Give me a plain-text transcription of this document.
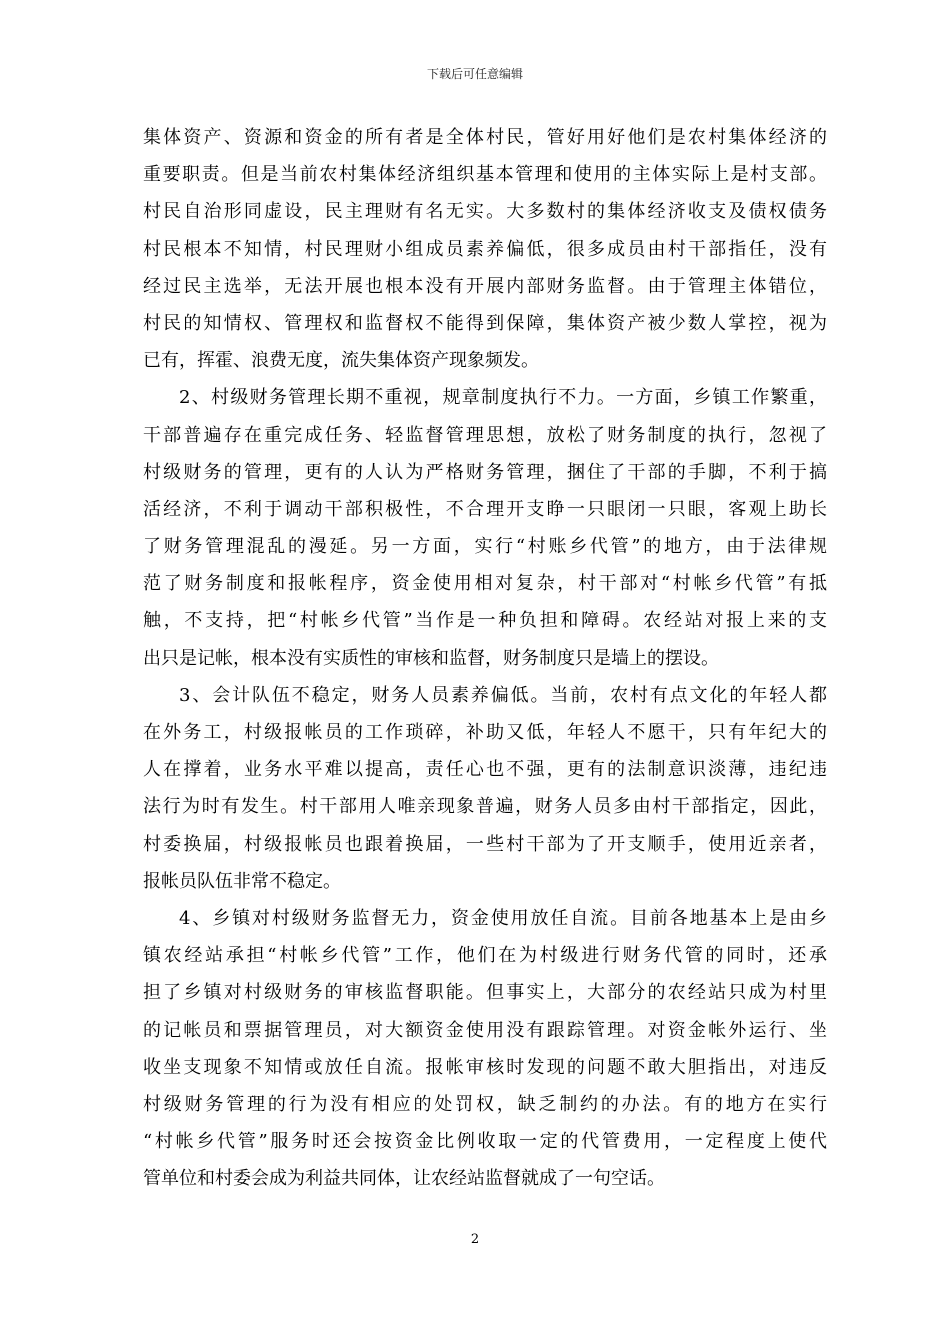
下载后可任意编辑
集体资产、资源和资金的所有者是全体村民，管好用好他们是农村集体经济的
重要职责。但是当前农村集体经济组织基本管理和使用的主体实际上是村支部。
村民自治形同虚设，民主理财有名无实。大多数村的集体经济收支及债权债务
村民根本不知情，村民理财小组成员素养偏低，很多成员由村干部指任，没有
经过民主选举，无法开展也根本没有开展内部财务监督。由于管理主体错位，
村民的知情权、管理权和监督权不能得到保障，集体资产被少数人掌控，视为
已有，挥霍、浪费无度，流失集体资产现象频发。
2、村级财务管理长期不重视，规章制度执行不力。一方面，乡镇工作繁重，
干部普遍存在重完成任务、轻监督管理思想，放松了财务制度的执行，忽视了
村级财务的管理，更有的人认为严格财务管理，捆住了干部的手脚，不利于搞
活经济，不利于调动干部积极性，不合理开支睁一只眼闭一只眼，客观上助长
了财务管理混乱的漫延。另一方面，实行“村账乡代管”的地方，由于法律规
范了财务制度和报帐程序，资金使用相对复杂，村干部对“村帐乡代管”有抵
触，不支持，把“村帐乡代管”当作是一种负担和障碍。农经站对报上来的支
出只是记帐，根本没有实质性的审核和监督，财务制度只是墙上的摆设。
3、会计队伍不稳定，财务人员素养偏低。当前，农村有点文化的年轻人都
在外务工，村级报帐员的工作琐碎，补助又低，年轻人不愿干，只有年纪大的
人在撑着，业务水平难以提高，责任心也不强，更有的法制意识淡薄，违纪违
法行为时有发生。村干部用人唯亲现象普遍，财务人员多由村干部指定，因此，
村委换届，村级报帐员也跟着换届，一些村干部为了开支顺手，使用近亲者，
报帐员队伍非常不稳定。
4、乡镇对村级财务监督无力，资金使用放任自流。目前各地基本上是由乡
镇农经站承担“村帐乡代管”工作，他们在为村级进行财务代管的同时，还承
担了乡镇对村级财务的审核监督职能。但事实上，大部分的农经站只成为村里
的记帐员和票据管理员，对大额资金使用没有跟踪管理。对资金帐外运行、坐
收坐支现象不知情或放任自流。报帐审核时发现的问题不敢大胆指出，对违反
村级财务管理的行为没有相应的处罚权，缺乏制约的办法。有的地方在实行
“村帐乡代管”服务时还会按资金比例收取一定的代管费用，一定程度上使代
管单位和村委会成为利益共同体，让农经站监督就成了一句空话。
2
